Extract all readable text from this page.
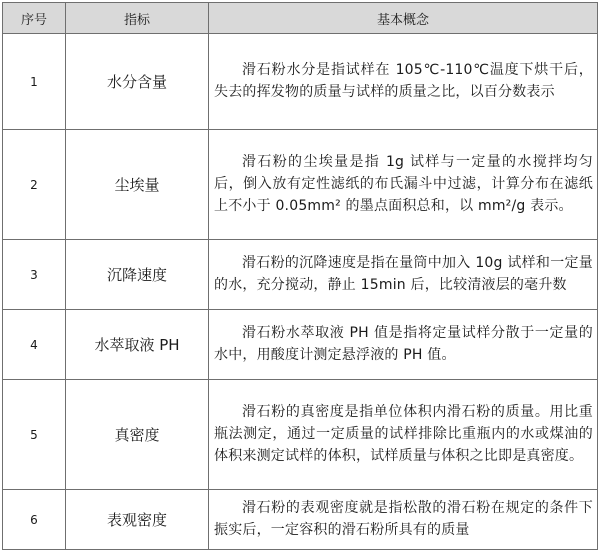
序号	指标	基本概念
1	水分含量	滑石粉水分是指试样在 105℃-110℃温度下烘干后，失去的挥发物的质量与试样的质量之比，以百分数表示

2	尘埃量	滑石粉的尘埃量是指 1g 试样与一定量的水搅拌均匀后，倒入放有定性滤纸的布氏漏斗中过滤，计算分布在滤纸上不小于 0.05mm² 的墨点面积总和，以 mm²/g 表示。

3	沉降速度	滑石粉的沉降速度是指在量筒中加入 10g 试样和一定量的水，充分搅动，静止 15min 后，比较清液层的毫升数

4	水萃取液 PH	滑石粉水萃取液 PH 值是指将定量试样分散于一定量的水中，用酸度计测定悬浮液的 PH 值。

5	真密度	滑石粉的真密度是指单位体积内滑石粉的质量。用比重瓶法测定，通过一定质量的试样排除比重瓶内的水或煤油的体积来测定试样的体积，试样质量与体积之比即是真密度。

6	表观密度	滑石粉的表观密度就是指松散的滑石粉在规定的条件下振实后，一定容积的滑石粉所具有的质量
